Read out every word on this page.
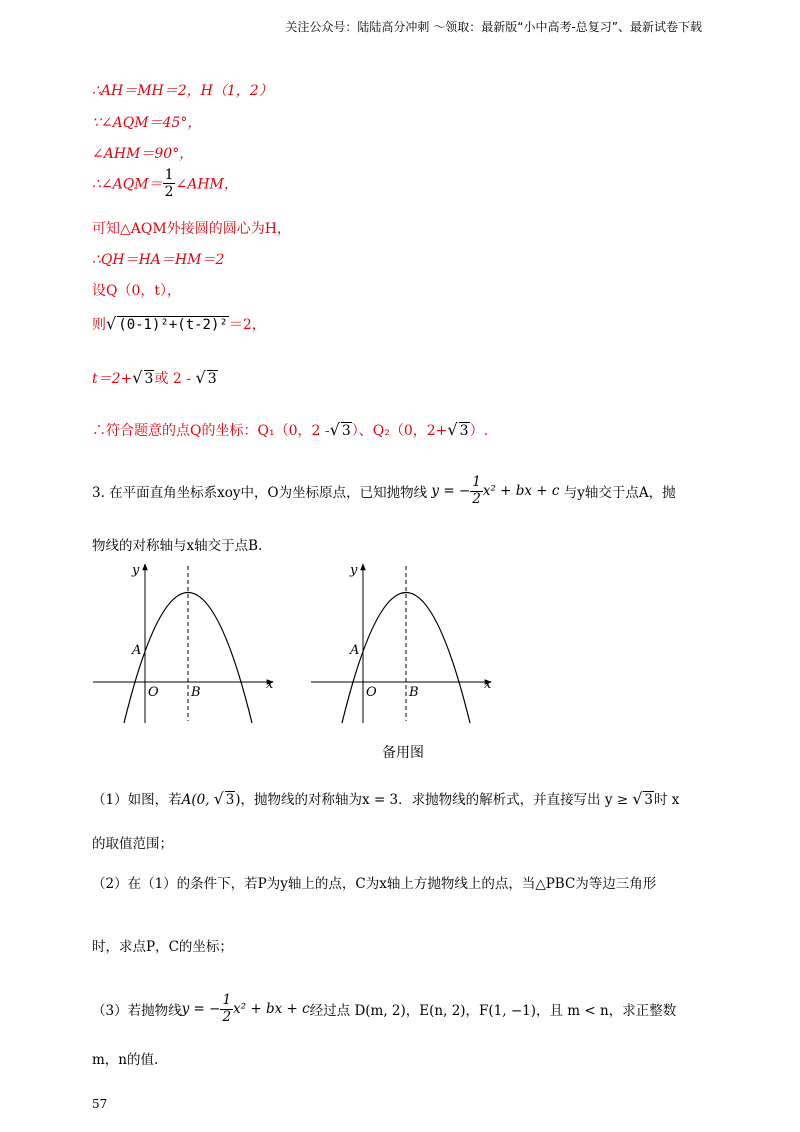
关注公众号：陆陆高分冲刺 〜领取：最新版“小中高考-总复习”、最新试卷下载
∴AH＝MH＝2，H（1，2）
∵∠AQM＝45°，
∠AHM＝90°，
∴∠AQM＝ $\frac{1}{2}$ ∠AHM，
可知△AQM外接圆的圆心为H，
∴QH＝HA＝HM＝2
设Q（0，t），
则√ (0-1)²+(t-2)²＝2，
t＝2+√ 3或 2 - √ 3
∴符合题意的点Q的坐标：Q₁（0，2 -√ 3）、Q₂（0，2+√ 3）.
3. 在平面直角坐标系xoy中，O为坐标原点，已知抛物线 y = − $\frac{1}{2} x^2$ + bx + c 与y轴交于点A，抛
物线的对称轴与x轴交于点B.
y
x
A
O B
y
x
A
O B
备用图
（1）如图，若A(0, √ 3)，抛物线的对称轴为x = 3．求抛物线的解析式，并直接写出 y ≥ √ 3时 x
的取值范围；
（2）在（1）的条件下，若P为y轴上的点，C为x轴上方抛物线上的点，当△PBC为等边三角形
时，求点P，C的坐标；
（3）若抛物线y = − $\frac{1}{2} x^2$ + bx + c经过点 D(m, 2)，E(n, 2)，F(1, −1)，且 m < n，求正整数
m，n的值.
57
